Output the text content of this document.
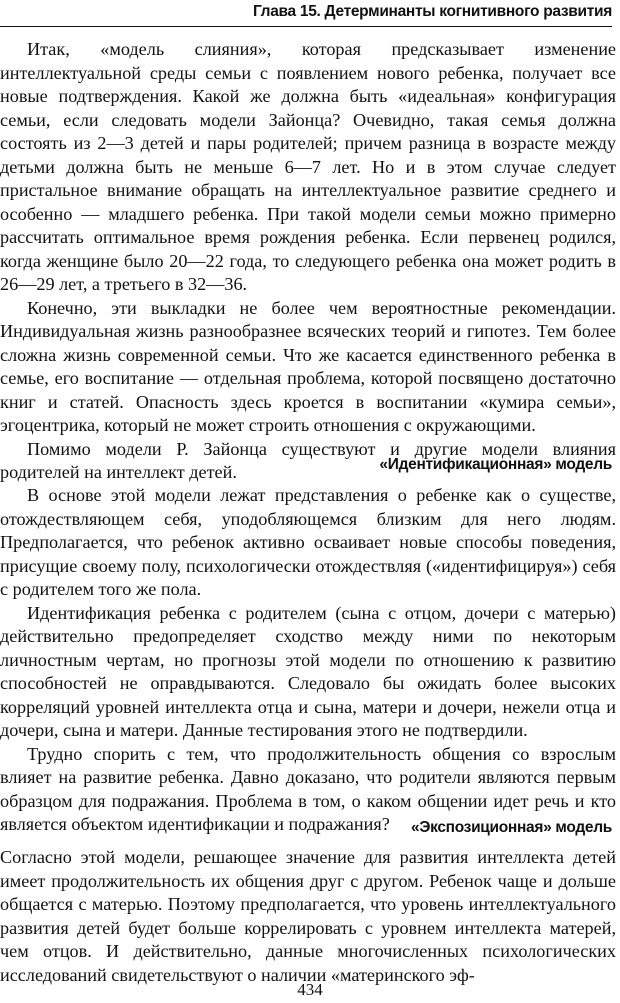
Глава 15. Детерминанты когнитивного развития

Итак, «модель слияния», которая предсказывает изменение интеллектуальной среды семьи с появлением нового ребенка, получает все новые подтверждения. Какой же должна быть «идеальная» конфигурация семьи, если следовать модели Зайонца? Очевидно, такая семья должна состоять из 2—3 детей и пары родителей; причем разница в возрасте между детьми должна быть не меньше 6—7 лет. Но и в этом случае следует пристальное внимание обращать на интеллектуальное развитие среднего и особенно — младшего ребенка. При такой модели семьи можно примерно рассчитать оптимальное время рождения ребенка. Если первенец родился, когда женщине было 20—22 года, то следующего ребенка она может родить в 26—29 лет, а третьего в 32—36.

Конечно, эти выкладки не более чем вероятностные рекомендации. Индивидуальная жизнь разнообразнее всяческих теорий и гипотез. Тем более сложна жизнь современной семьи. Что же касается единственного ребенка в семье, его воспитание — отдельная проблема, которой посвящено достаточно книг и статей. Опасность здесь кроется в воспитании «кумира семьи», эгоцентрика, который не может строить отношения с окружающими.

Помимо модели Р. Зайонца существуют и другие модели влияния родителей на интеллект детей.	«Идентификационная» модель

В основе этой модели лежат представления о ребенке как о существе, отождествляющем себя, уподобляющемся близким для него людям. Предполагается, что ребенок активно осваивает новые способы поведения, присущие своему полу, психологически отождествляя («идентифицируя») себя с родителем того же пола.

Идентификация ребенка с родителем (сына с отцом, дочери с матерью) действительно предопределяет сходство между ними по некоторым личностным чертам, но прогнозы этой модели по отношению к развитию способностей не оправдываются. Следовало бы ожидать более высоких корреляций уровней интеллекта отца и сына, матери и дочери, нежели отца и дочери, сына и матери. Данные тестирования этого не подтвердили.

Трудно спорить с тем, что продолжительность общения со взрослым влияет на развитие ребенка. Давно доказано, что родители являются первым образцом для подражания. Проблема в том, о каком общении идет речь и кто является объектом идентификации и подражания?	«Экспозиционная» модель

Согласно этой модели, решающее значение для развития интеллекта детей имеет продолжительность их общения друг с другом. Ребенок чаще и дольше общается с матерью. Поэтому предполагается, что уровень интеллектуального развития детей будет больше коррелировать с уровнем интеллекта матерей, чем отцов. И действительно, данные многочисленных психологических исследований свидетельствуют о наличии «материнского эф-

434
